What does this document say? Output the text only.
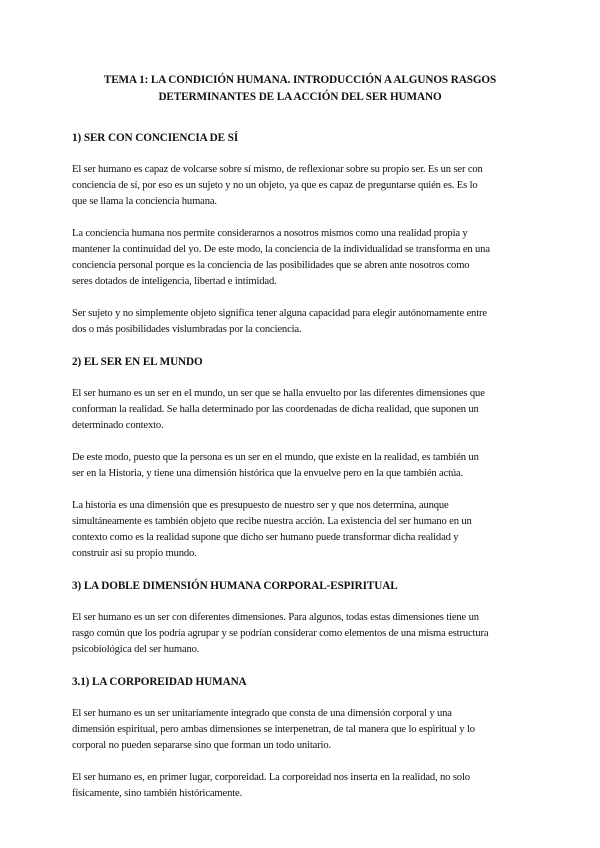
TEMA 1: LA CONDICIÓN HUMANA. INTRODUCCIÓN A ALGUNOS RASGOS
DETERMINANTES DE LA ACCIÓN DEL SER HUMANO
1) SER CON CONCIENCIA DE SÍ

El ser humano es capaz de volcarse sobre sí mismo, de reflexionar sobre su propio ser. Es un ser con
conciencia de sí, por eso es un sujeto y no un objeto, ya que es capaz de preguntarse quién es. Es lo
que se llama la conciencia humana.

La conciencia humana nos permite considerarnos a nosotros mismos como una realidad propia y
mantener la continuidad del yo. De este modo, la conciencia de la individualidad se transforma en una
conciencia personal porque es la conciencia de las posibilidades que se abren ante nosotros como
seres dotados de inteligencia, libertad e intimidad.

Ser sujeto y no simplemente objeto significa tener alguna capacidad para elegir autónomamente entre
dos o más posibilidades vislumbradas por la conciencia.

2) EL SER EN EL MUNDO

El ser humano es un ser en el mundo, un ser que se halla envuelto por las diferentes dimensiones que
conforman la realidad. Se halla determinado por las coordenadas de dicha realidad, que suponen un
determinado contexto.

De este modo, puesto que la persona es un ser en el mundo, que existe en la realidad, es también un
ser en la Historia, y tiene una dimensión histórica que la envuelve pero en la que también actúa.

La historia es una dimensión que es presupuesto de nuestro ser y que nos determina, aunque
simultáneamente es también objeto que recibe nuestra acción. La existencia del ser humano en un
contexto como es la realidad supone que dicho ser humano puede transformar dicha realidad y
construir así su propio mundo.

3) LA DOBLE DIMENSIÓN HUMANA CORPORAL-ESPIRITUAL

El ser humano es un ser con diferentes dimensiones. Para algunos, todas estas dimensiones tiene un
rasgo común que los podría agrupar y se podrían considerar como elementos de una misma estructura
psicobiológica del ser humano.

3.1) LA CORPOREIDAD HUMANA

El ser humano es un ser unitariamente integrado que consta de una dimensión corporal y una
dimensión espiritual, pero ambas dimensiones se interpenetran, de tal manera que lo espiritual y lo
corporal no pueden separarse sino que forman un todo unitario.

El ser humano es, en primer lugar, corporeidad. La corporeidad nos inserta en la realidad, no solo
físicamente, sino también históricamente.
